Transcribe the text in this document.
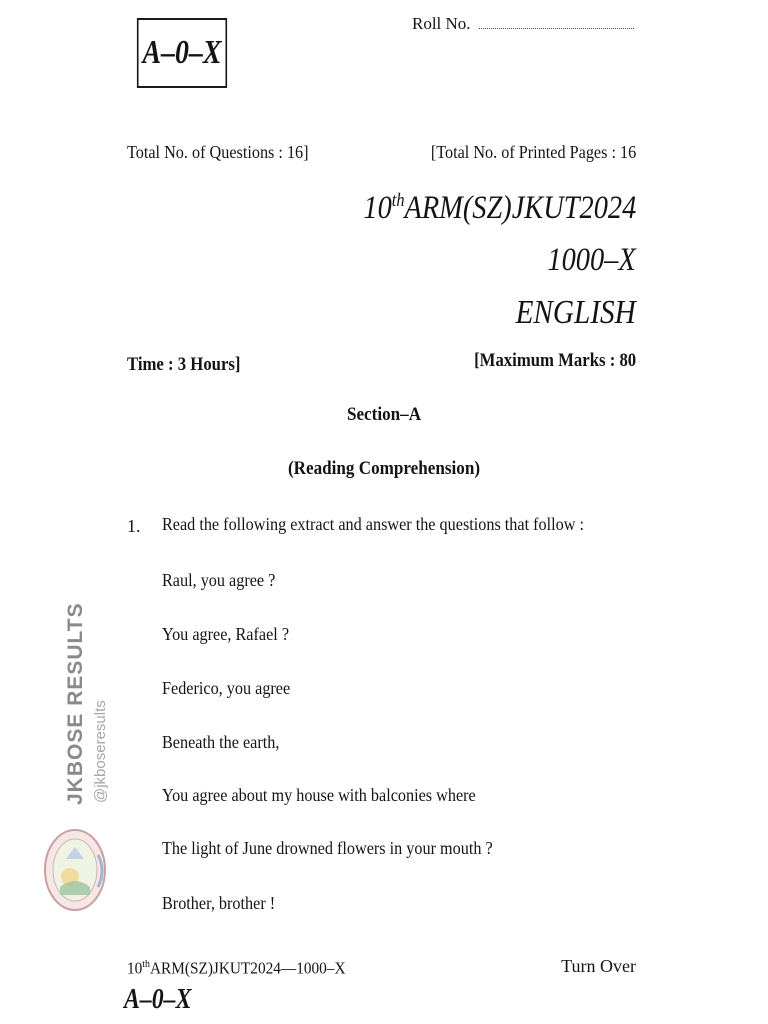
A–0–X
Roll No.
Total No. of Questions : 16]	[Total No. of Printed Pages : 16
10thARM(SZ)JKUT2024
1000–X
ENGLISH
Time : 3 Hours]	[Maximum Marks : 80
Section–A
(Reading Comprehension)
1. Read the following extract and answer the questions that follow :
Raul, you agree ?
You agree, Rafael ?
Federico, you agree
Beneath the earth,
You agree about my house with balconies where
The light of June drowned flowers in your mouth ?
Brother, brother !
10thARM(SZ)JKUT2024—1000–X	Turn Over
A–0–X
JKBOSE RESULTS @jkboseresults
